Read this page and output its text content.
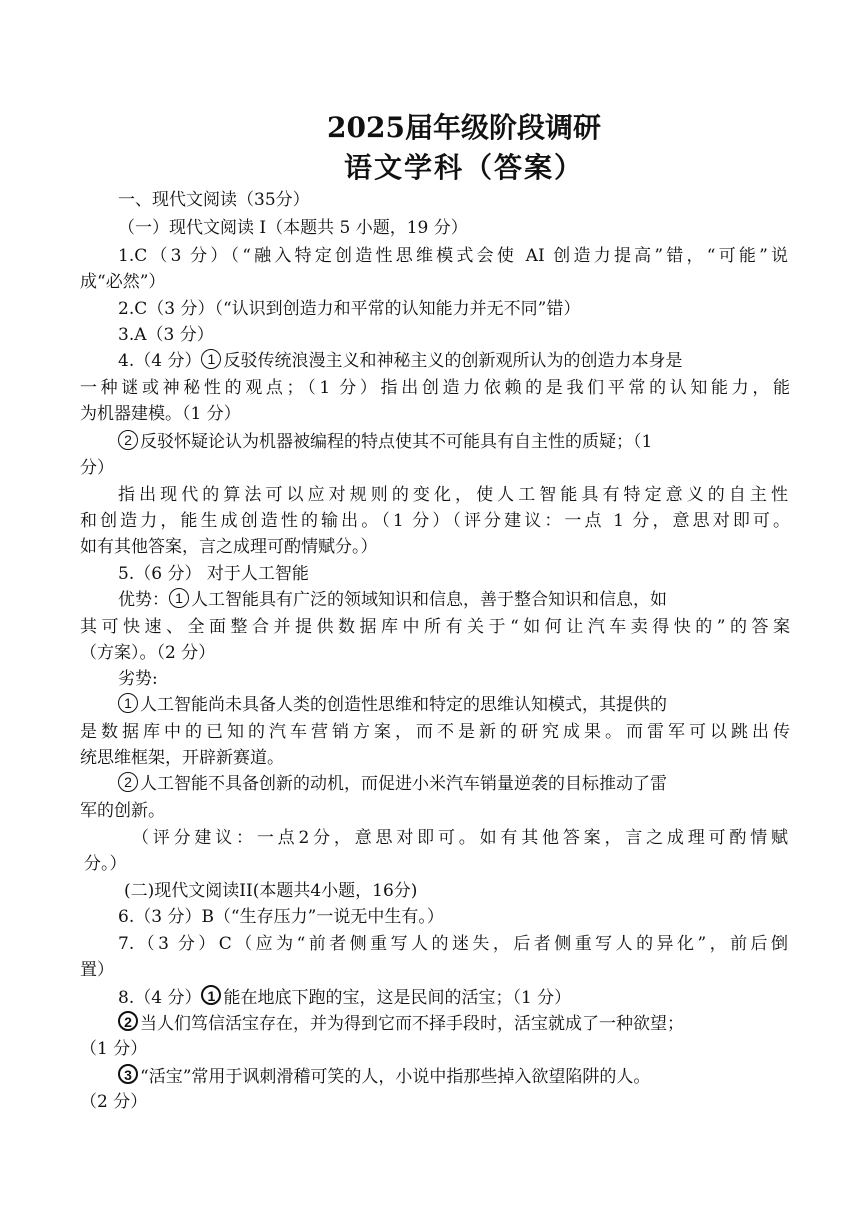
2025届年级阶段调研
语文学科（答案）

一、现代文阅读（35分）

（一）现代文阅读 I（本题共 5 小题，19 分）

1.C（3 分）（“融入特定创造性思维模式会使 AI 创造力提高”错，“可能”说

成“必然”）

2.C（3 分）（“认识到创造力和平常的认知能力并无不同”错）

3.A（3 分）

4.（4 分） 1 反驳传统浪漫主义和神秘主义的创新观所认为的创造力本身是

一种谜或神秘性的观点；（1 分）指出创造力依赖的是我们平常的认知能力，能

为机器建模。（1 分）

2 反驳怀疑论认为机器被编程的特点使其不可能具有自主性的质疑；（1

分）

指出现代的算法可以应对规则的变化，使人工智能具有特定意义的自主性

和创造力，能生成创造性的输出。（1 分）（评分建议：一点 1 分，意思对即可。

如有其他答案，言之成理可酌情赋分。）

5.（6 分） 对于人工智能

优势： 1 人工智能具有广泛的领域知识和信息，善于整合知识和信息，如

其可快速、全面整合并提供数据库中所有关于“如何让汽车卖得快的”的答案

（方案）。（2 分）

劣势:

1 人工智能尚未具备人类的创造性思维和特定的思维认知模式，其提供的

是数据库中的已知的汽车营销方案，而不是新的研究成果。而雷军可以跳出传

统思维框架，开辟新赛道。

2 人工智能不具备创新的动机，而促进小米汽车销量逆袭的目标推动了雷

军的创新。

（评分建议：一点2分，意思对即可。如有其他答案，言之成理可酌情赋

分。）

(二)现代文阅读II(本题共4小题，16分)

6.（3 分）B（“生存压力”一说无中生有。）

7.（3 分）C（应为“前者侧重写人的迷失，后者侧重写人的异化”，前后倒

置）

8.（4 分） 1 能在地底下跑的宝，这是民间的活宝；（1 分）

2 当人们笃信活宝存在，并为得到它而不择手段时，活宝就成了一种欲望；

（1 分）

3 “活宝”常用于讽刺滑稽可笑的人，小说中指那些掉入欲望陷阱的人。

（2 分）
